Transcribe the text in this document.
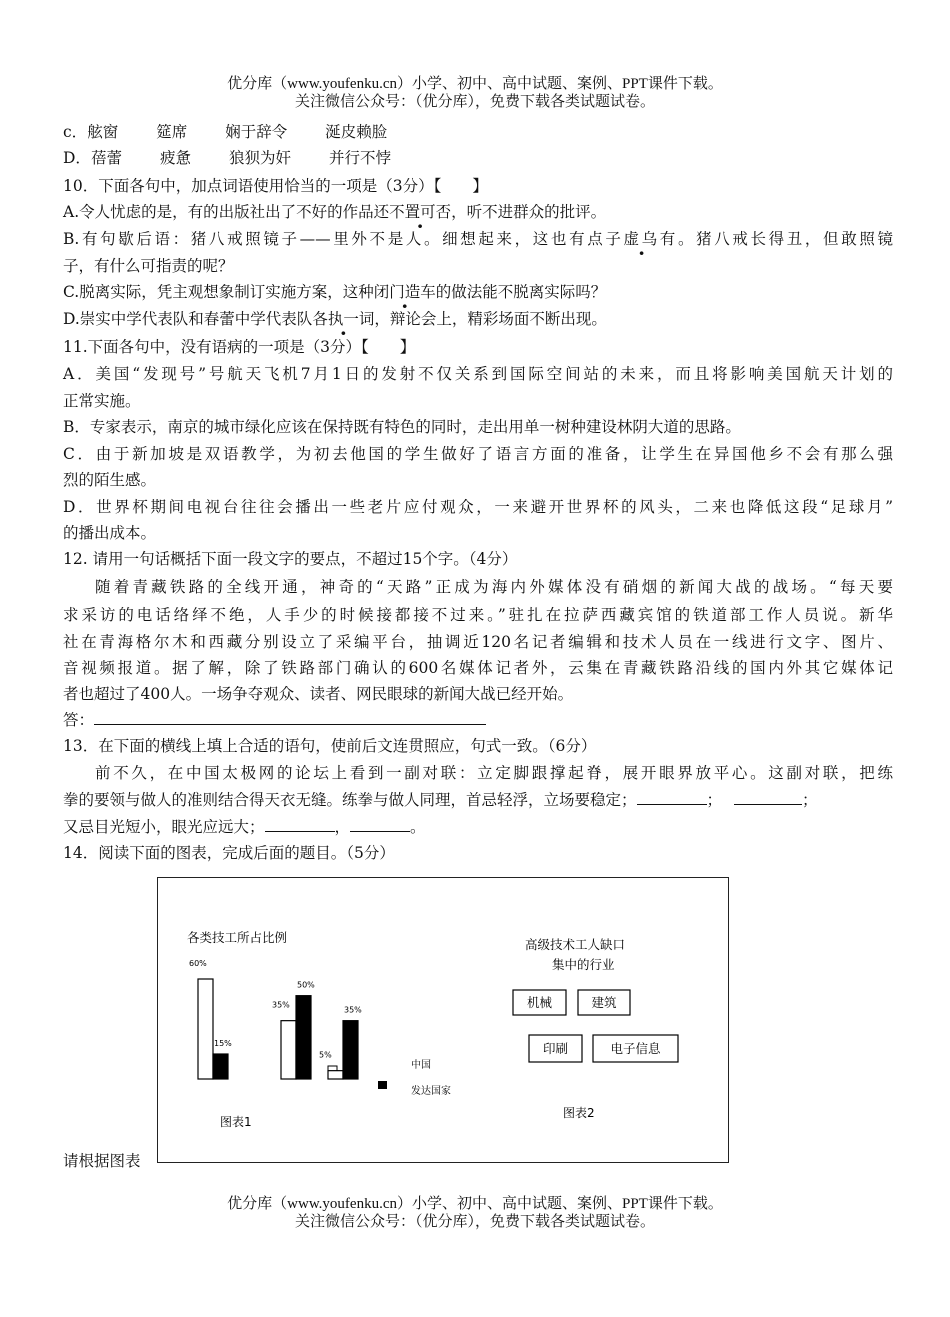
优分库（www.youfenku.cn）小学、初中、高中试题、案例、PPT课件下载。
关注微信公众号：（优分库），免费下载各类试题试卷。
c．舷窗 筵席 娴于辞令 涎皮赖脸
D．蓓蕾 疲惫 狼狈为奸 并行不悖
10．下面各句中，加点词语使用恰当的一项是（3分）【　　】
A.令人忧虑的是，有的出版社出了不好的作品还不置可否，听不进群众的批评。
B.有句歇后语：猪八戒照镜子——里外不是人。细想起来，这也有点子虚乌有。猪八戒长得丑，但敢照镜
子，有什么可指责的呢？
C.脱离实际，凭主观想象制订实施方案，这种闭门造车的做法能不脱离实际吗？
D.崇实中学代表队和春蕾中学代表队各执一词，辩论会上，精彩场面不断出现。
11.下面各句中，没有语病的一项是（3分）【　　】
A．美国“发现号”号航天飞机7月1日的发射不仅关系到国际空间站的未来，而且将影响美国航天计划的
正常实施。
B．专家表示，南京的城市绿化应该在保持既有特色的同时，走出用单一树种建设林阴大道的思路。
C．由于新加坡是双语教学，为初去他国的学生做好了语言方面的准备，让学生在异国他乡不会有那么强
烈的陌生感。
D．世界杯期间电视台往往会播出一些老片应付观众，一来避开世界杯的风头，二来也降低这段“足球月”
的播出成本。
12. 请用一句话概括下面一段文字的要点，不超过15个字。（4分）
随着青藏铁路的全线开通，神奇的“天路”正成为海内外媒体没有硝烟的新闻大战的战场。“每天要
求采访的电话络绎不绝，人手少的时候接都接不过来。”驻扎在拉萨西藏宾馆的铁道部工作人员说。新华
社在青海格尔木和西藏分别设立了采编平台，抽调近120名记者编辑和技术人员在一线进行文字、图片、
音视频报道。据了解，除了铁路部门确认的600名媒体记者外，云集在青藏铁路沿线的国内外其它媒体记
者也超过了400人。一场争夺观众、读者、网民眼球的新闻大战已经开始。
答：
13．在下面的横线上填上合适的语句，使前后文连贯照应，句式一致。（6分）
前不久，在中国太极网的论坛上看到一副对联：立定脚跟撑起脊，展开眼界放平心。这副对联，把练
拳的要领与做人的准则结合得天衣无缝。练拳与做人同理，首忌轻浮，立场要稳定；	；	；
又忌目光短小，眼光应远大；	，	。
14．阅读下面的图表，完成后面的题目。（5分）
请根据图表
各类技工所占比例
图表1
中国
发达国家
60%
35%
5%
15%
50%
35%
高级技术工人缺口
集中的行业
机械	建筑
印刷	电子信息
图表2
优分库（www.youfenku.cn）小学、初中、高中试题、案例、PPT课件下载。
关注微信公众号：（优分库），免费下载各类试题试卷。
